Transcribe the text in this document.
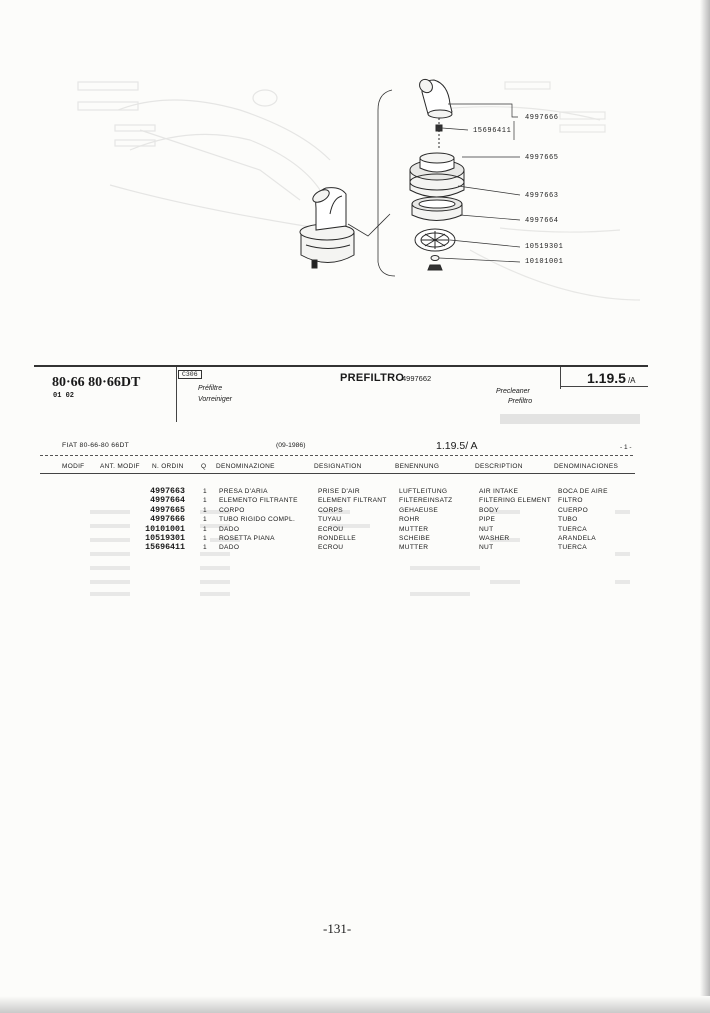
4997666
15696411
4997665
4997663
4997664
10519301
10101001
80·66 80·66DT
01 02
C306
Préfiltre
Vorreiniger
PREFILTRO
4997662
Precleaner
Prefiltro
1.19.5 /A
FIAT 80-66-80 66DT	(09-1986)	1.19.5/ A	- 1 -
MODIF ANT. MODIF N. ORDIN	Q DENOMINAZIONE	DESIGNATION	BENENNUNG	DESCRIPTION	DENOMINACIONES
4997663	1	PRESA D'ARIA	PRISE D'AIR	LUFTLEITUNG	AIR INTAKE	BOCA DE AIRE
4997664	1	ELEMENTO FILTRANTE	ELEMENT FILTRANT	FILTEREINSATZ	FILTERING ELEMENT	FILTRO
4997665	1	CORPO	CORPS	GEHAEUSE	BODY	CUERPO
4997666	1	TUBO RIGIDO COMPL.	TUYAU	ROHR	PIPE	TUBO
10101001	1	DADO	ECROU	MUTTER	NUT	TUERCA
10519301	1	ROSETTA PIANA	RONDELLE	SCHEIBE	WASHER	ARANDELA
15696411	1	DADO	ECROU	MUTTER	NUT	TUERCA
-131-
